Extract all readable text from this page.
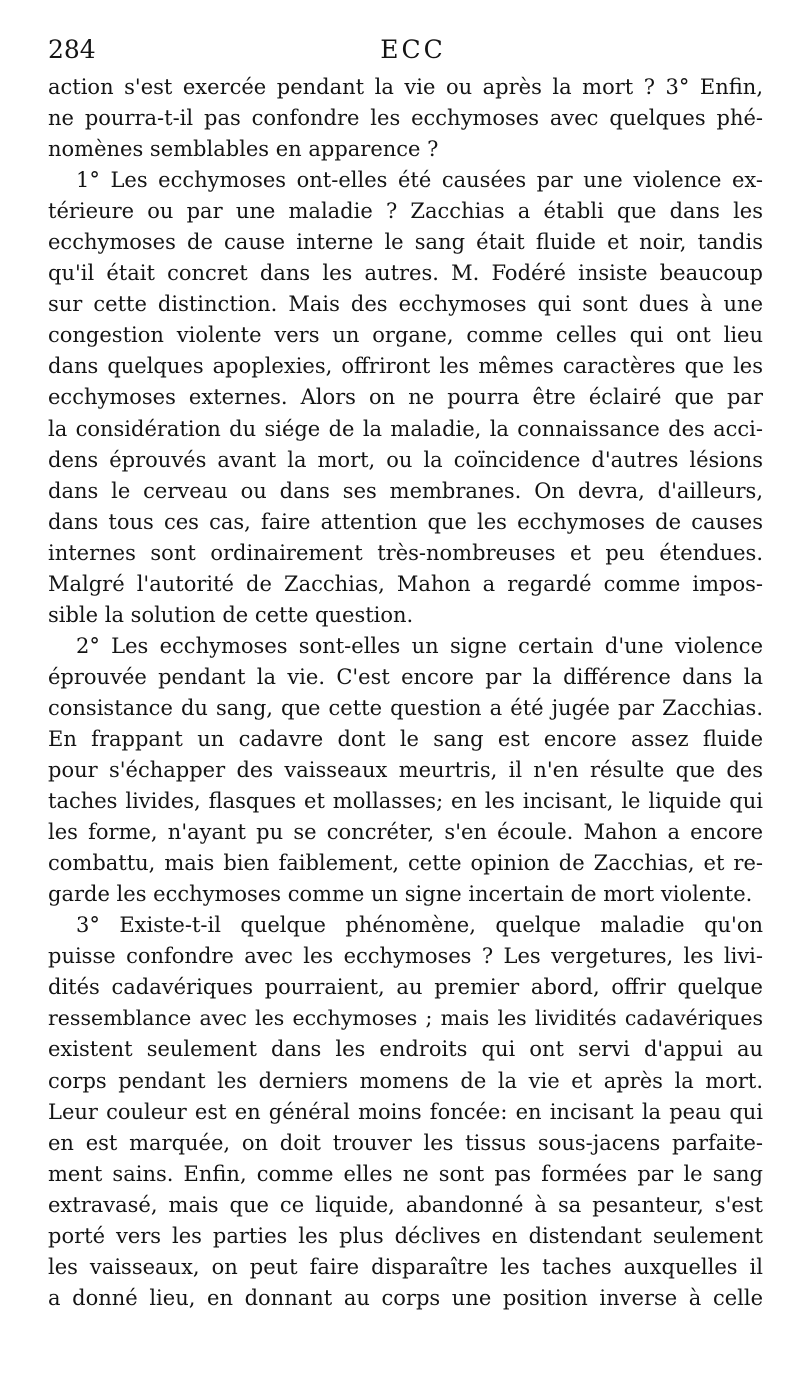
284	ECC
action s'est exercée pendant la vie ou après la mort ? 3° Enfin,
ne pourra-t-il pas confondre les ecchymoses avec quelques phé-
nomènes semblables en apparence ?
1° Les ecchymoses ont-elles été causées par une violence ex-
térieure ou par une maladie ? Zacchias a établi que dans les
ecchymoses de cause interne le sang était fluide et noir, tandis
qu'il était concret dans les autres. M. Fodéré insiste beaucoup
sur cette distinction. Mais des ecchymoses qui sont dues à une
congestion violente vers un organe, comme celles qui ont lieu
dans quelques apoplexies, offriront les mêmes caractères que les
ecchymoses externes. Alors on ne pourra être éclairé que par
la considération du siége de la maladie, la connaissance des acci-
dens éprouvés avant la mort, ou la coïncidence d'autres lésions
dans le cerveau ou dans ses membranes. On devra, d'ailleurs,
dans tous ces cas, faire attention que les ecchymoses de causes
internes sont ordinairement très-nombreuses et peu étendues.
Malgré l'autorité de Zacchias, Mahon a regardé comme impos-
sible la solution de cette question.
2° Les ecchymoses sont-elles un signe certain d'une violence
éprouvée pendant la vie. C'est encore par la différence dans la
consistance du sang, que cette question a été jugée par Zacchias.
En frappant un cadavre dont le sang est encore assez fluide
pour s'échapper des vaisseaux meurtris, il n'en résulte que des
taches livides, flasques et mollasses; en les incisant, le liquide qui
les forme, n'ayant pu se concréter, s'en écoule. Mahon a encore
combattu, mais bien faiblement, cette opinion de Zacchias, et re-
garde les ecchymoses comme un signe incertain de mort violente.
3° Existe-t-il quelque phénomène, quelque maladie qu'on
puisse confondre avec les ecchymoses ? Les vergetures, les livi-
dités cadavériques pourraient, au premier abord, offrir quelque
ressemblance avec les ecchymoses ; mais les lividités cadavériques
existent seulement dans les endroits qui ont servi d'appui au
corps pendant les derniers momens de la vie et après la mort.
Leur couleur est en général moins foncée: en incisant la peau qui
en est marquée, on doit trouver les tissus sous-jacens parfaite-
ment sains. Enfin, comme elles ne sont pas formées par le sang
extravasé, mais que ce liquide, abandonné à sa pesanteur, s'est
porté vers les parties les plus déclives en distendant seulement
les vaisseaux, on peut faire disparaître les taches auxquelles il
a donné lieu, en donnant au corps une position inverse à celle
